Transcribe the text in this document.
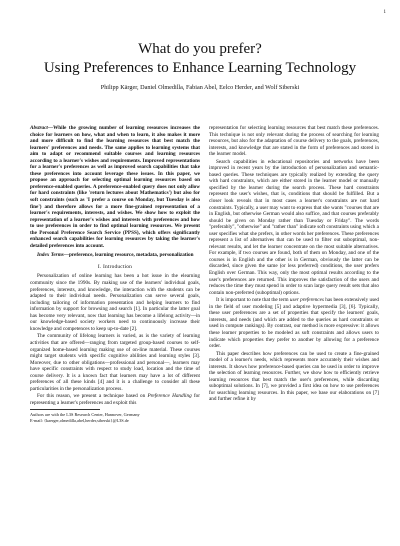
1
What do you prefer?
Using Preferences to Enhance Learning Technology
Philipp Kärger, Daniel Olmedilla, Fabian Abel, Eelco Herder, and Wolf Siberski

Abstract—While the growing number of learning resources increases the choice for learners on how, what and when to learn, it also makes it more and more difficult to find the learning resources that best match the learners' preferences and needs. The same applies to learning systems that aim to adapt or recommend suitable courses and learning resources according to a learner's wishes and requirements. Improved representations for a learner's preferences as well as improved search capabilities that take these preferences into account leverage these issues. In this paper, we propose an approach for selecting optimal learning resources based on preference-enabled queries. A preference-enabled query does not only allow for hard constraints (like 'return lectures about Mathematics') but also for soft constraints (such as 'I prefer a course on Monday, but Tuesday is also fine') and therefore allows for a more fine-grained representation of a learner's requirements, interests, and wishes. We show how to exploit the representation of a learner's wishes and interests with preferences and how to use preferences in order to find optimal learning resources. We present the Personal Preference Search Service (PPSS), which offers significantly enhanced search capabilities for learning resources by taking the learner's detailed preferences into account.

Index Terms—preference, learning resource, metadata, personalization

I. Introduction

Personalization of online learning has been a hot issue in the elearning community since the 1990s. By making use of the learners' individual goals, preferences, interests, and knowledge, the interaction with the students can be adapted to their individual needs. Personalization can serve several goals, including tailoring of information presentation and helping learners to find information by support for browsing and search [1]. In particular the latter goal has become very relevant, now that learning has become a lifelong activity—in our knowledge-based society workers need to continuously increase their knowledge and competences to keep up-to-date [2].

The community of lifelong learners is varied, as is the variety of learning activities that are offered—ranging from targeted group-based courses to self-organized home-based learning making use of on-line material. These courses might target students with specific cognitive abilities and learning styles [3]. Moreover, due to other obligations—professional and personal—, learners may have specific constraints with respect to study load, location and the time of course delivery. It is a known fact that learners may have a lot of different preferences of all these kinds [4] and it is a challenge to consider all these particularities in the personalization process.

For this reason, we present a technique based on Preference Handling for representing a learner's preferences and exploit this

Authors are with the L3S Research Center, Hannover, Germany
E-mail: {kaerger,olmedilla,abel,herder,siberski}@L3S.de

representation for selecting learning resources that best match these preferences. This technique is not only relevant during the process of searching for learning resources, but also for the adaptation of course delivery to the goals, preferences, interests, and knowledge that are stated in the form of preferences and stored in the learner model.

Search capabilities in educational repositories and networks have been improved in recent years by the introduction of personalization and semantic-based queries. These techniques are typically realized by extending the query with hard constraints, which are either stored in the learner model or manually specified by the learner during the search process. These hard constraints represent the user's wishes, that is, conditions that should be fulfilled. But a closer look reveals that in most cases a learner's constraints are not hard constraints. Typically, a user may want to express that she wants "courses that are in English, but otherwise German would also suffice, and that courses preferably should be given on Monday rather than Tuesday or Friday". The words "preferably", "otherwise" and "rather than" indicate soft constraints using which a user specifies what she prefers, in other words her preferences. These preferences represent a list of alternatives that can be used to filter out suboptimal, non-relevant results, and let the learner concentrate on the most suitable alternatives. For example, if two courses are found, both of them on Monday, and one of the courses is in English and the other is in German, obviously the latter can be discarded, since given the same (or less preferred) conditions, the user prefers English over German. This way, only the most optimal results according to the user's preferences are returned. This improves the satisfaction of the users and reduces the time they must spend in order to scan large query result sets that also contain non-preferred (suboptimal) options.

It is important to note that the term user preferences has been extensively used in the field of user modeling [5] and adaptive hypermedia [3], [6]. Typically, these user preferences are a set of properties that specify the learners' goals, interests, and needs (and which are added to the queries as hard constraints or used in compute rankings). By contrast, our method is more expressive: it allows these learner properties to be modeled as soft constraints and allows users to indicate which properties they prefer to another by allowing for a preference order.

This paper describes how preferences can be used to create a fine-grained model of a learner's needs, which represents more accurately their wishes and interests. It shows how preference-based queries can be used in order to improve the selection of learning resources. Further, we show how to efficiently retrieve learning resources that best match the user's preferences, while discarding suboptimal solutions. In [7], we provided a first idea on how to use preferences for searching learning resources. In this paper, we base our elaborations on [7] and further refine it by
